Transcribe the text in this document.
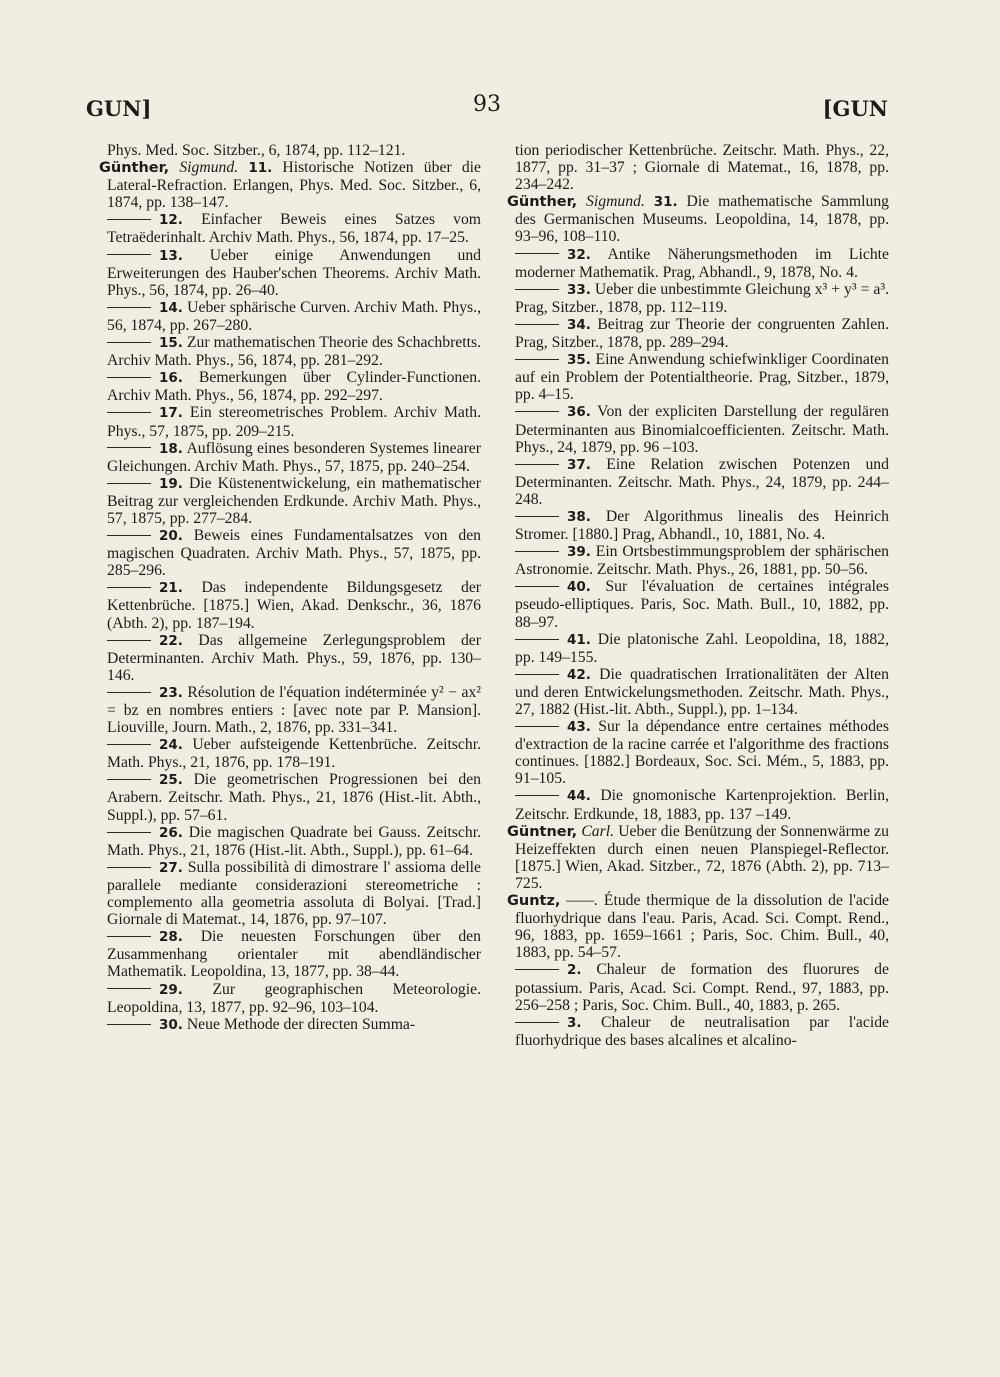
GUN]	93	[GUN

Phys. Med. Soc. Sitzber., 6, 1874, pp. 112–121.

Günther, Sigmund. 11. Historische Notizen über die Lateral-Refraction. Erlangen, Phys. Med. Soc. Sitzber., 6, 1874, pp. 138–147.

12. Einfacher Beweis eines Satzes vom Tetraëderinhalt. Archiv Math. Phys., 56, 1874, pp. 17–25.

13. Ueber einige Anwendungen und Erweiterungen des Hauber'schen Theorems. Archiv Math. Phys., 56, 1874, pp. 26–40.

14. Ueber sphärische Curven. Archiv Math. Phys., 56, 1874, pp. 267–280.

15. Zur mathematischen Theorie des Schachbretts. Archiv Math. Phys., 56, 1874, pp. 281–292.

16. Bemerkungen über Cylinder-Functionen. Archiv Math. Phys., 56, 1874, pp. 292–297.

17. Ein stereometrisches Problem. Archiv Math. Phys., 57, 1875, pp. 209–215.

18. Auflösung eines besonderen Systemes linearer Gleichungen. Archiv Math. Phys., 57, 1875, pp. 240–254.

19. Die Küstenentwickelung, ein mathematischer Beitrag zur vergleichenden Erdkunde. Archiv Math. Phys., 57, 1875, pp. 277–284.

20. Beweis eines Fundamentalsatzes von den magischen Quadraten. Archiv Math. Phys., 57, 1875, pp. 285–296.

21. Das independente Bildungsgesetz der Kettenbrüche. [1875.] Wien, Akad. Denkschr., 36, 1876 (Abth. 2), pp. 187–194.

22. Das allgemeine Zerlegungsproblem der Determinanten. Archiv Math. Phys., 59, 1876, pp. 130–146.

23. Résolution de l'équation indéterminée y² − ax² = bz en nombres entiers : [avec note par P. Mansion]. Liouville, Journ. Math., 2, 1876, pp. 331–341.

24. Ueber aufsteigende Kettenbrüche. Zeitschr. Math. Phys., 21, 1876, pp. 178–191.

25. Die geometrischen Progressionen bei den Arabern. Zeitschr. Math. Phys., 21, 1876 (Hist.-lit. Abth., Suppl.), pp. 57–61.

26. Die magischen Quadrate bei Gauss. Zeitschr. Math. Phys., 21, 1876 (Hist.-lit. Abth., Suppl.), pp. 61–64.

27. Sulla possibilità di dimostrare l' assioma delle parallele mediante considerazioni stereometriche : complemento alla geometria assoluta di Bolyai. [Trad.] Giornale di Matemat., 14, 1876, pp. 97–107.

28. Die neuesten Forschungen über den Zusammenhang orientaler mit abendländischer Mathematik. Leopoldina, 13, 1877, pp. 38–44.

29. Zur geographischen Meteorologie. Leopoldina, 13, 1877, pp. 92–96, 103–104.

30. Neue Methode der directen Summa-

tion periodischer Kettenbrüche. Zeitschr. Math. Phys., 22, 1877, pp. 31–37 ; Giornale di Matemat., 16, 1878, pp. 234–242.

Günther, Sigmund. 31. Die mathematische Sammlung des Germanischen Museums. Leopoldina, 14, 1878, pp. 93–96, 108–110.

32. Antike Näherungsmethoden im Lichte moderner Mathematik. Prag, Abhandl., 9, 1878, No. 4.

33. Ueber die unbestimmte Gleichung x³ + y³ = a³. Prag, Sitzber., 1878, pp. 112–119.

34. Beitrag zur Theorie der congruenten Zahlen. Prag, Sitzber., 1878, pp. 289–294.

35. Eine Anwendung schiefwinkliger Coordinaten auf ein Problem der Potentialtheorie. Prag, Sitzber., 1879, pp. 4–15.

36. Von der expliciten Darstellung der regulären Determinanten aus Binomialcoefficienten. Zeitschr. Math. Phys., 24, 1879, pp. 96 –103.

37. Eine Relation zwischen Potenzen und Determinanten. Zeitschr. Math. Phys., 24, 1879, pp. 244–248.

38. Der Algorithmus linealis des Heinrich Stromer. [1880.] Prag, Abhandl., 10, 1881, No. 4.

39. Ein Ortsbestimmungsproblem der sphärischen Astronomie. Zeitschr. Math. Phys., 26, 1881, pp. 50–56.

40. Sur l'évaluation de certaines intégrales pseudo-elliptiques. Paris, Soc. Math. Bull., 10, 1882, pp. 88–97.

41. Die platonische Zahl. Leopoldina, 18, 1882, pp. 149–155.

42. Die quadratischen Irrationalitäten der Alten und deren Entwickelungsmethoden. Zeitschr. Math. Phys., 27, 1882 (Hist.-lit. Abth., Suppl.), pp. 1–134.

43. Sur la dépendance entre certaines méthodes d'extraction de la racine carrée et l'algorithme des fractions continues. [1882.] Bordeaux, Soc. Sci. Mém., 5, 1883, pp. 91–105.

44. Die gnomonische Kartenprojektion. Berlin, Zeitschr. Erdkunde, 18, 1883, pp. 137 –149.

Güntner, Carl. Ueber die Benützung der Sonnenwärme zu Heizeffekten durch einen neuen Planspiegel-Reflector. [1875.] Wien, Akad. Sitzber., 72, 1876 (Abth. 2), pp. 713–725.

Guntz, ——. Étude thermique de la dissolution de l'acide fluorhydrique dans l'eau. Paris, Acad. Sci. Compt. Rend., 96, 1883, pp. 1659–1661 ; Paris, Soc. Chim. Bull., 40, 1883, pp. 54–57.

2. Chaleur de formation des fluorures de potassium. Paris, Acad. Sci. Compt. Rend., 97, 1883, pp. 256–258 ; Paris, Soc. Chim. Bull., 40, 1883, p. 265.

3. Chaleur de neutralisation par l'acide fluorhydrique des bases alcalines et alcalino-
